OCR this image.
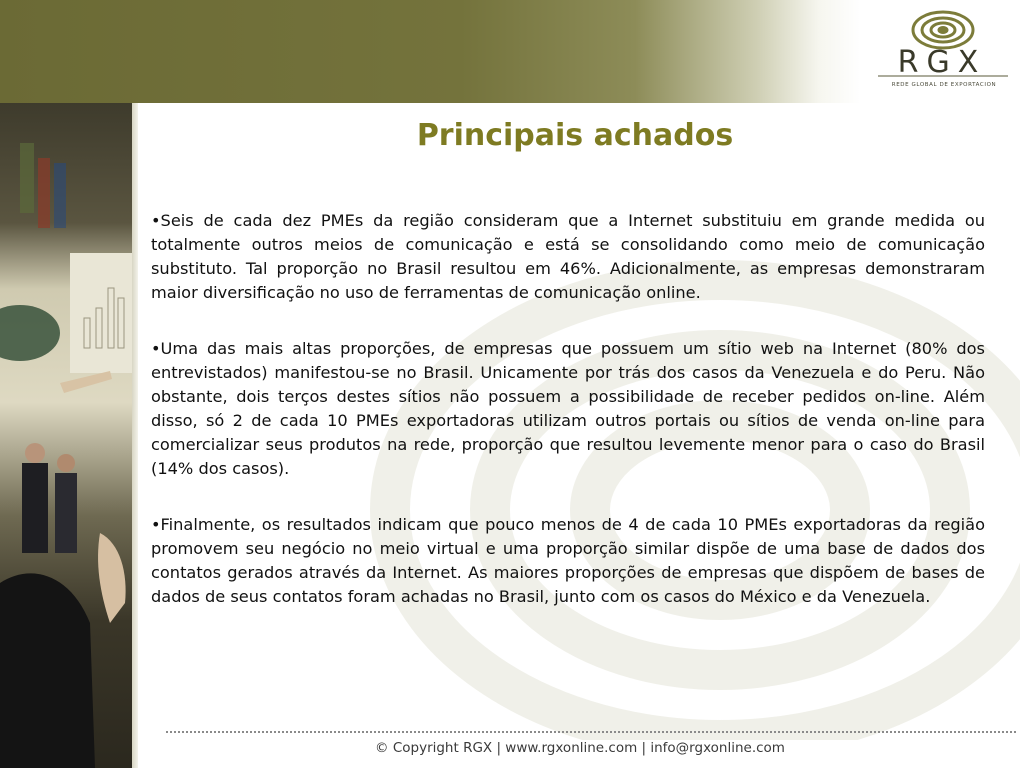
RGX
REDE GLOBAL DE EXPORTACION
Principais achados

•Seis de cada dez PMEs da região consideram que a Internet substituiu em grande medida ou totalmente outros meios de comunicação e está se consolidando como meio de comunicação substituto. Tal proporção no Brasil resultou em 46%. Adicionalmente, as empresas demonstraram maior diversificação no uso de ferramentas de comunicação online.

•Uma das mais altas proporções, de empresas que possuem um sítio web na Internet (80% dos entrevistados) manifestou-se no Brasil. Unicamente por trás dos casos da Venezuela e do Peru. Não obstante, dois terços destes sítios não possuem a possibilidade de receber pedidos on-line. Além disso, só 2 de cada 10 PMEs exportadoras utilizam outros portais ou sítios de venda on-line para comercializar seus produtos na rede, proporção que resultou levemente menor para o caso do Brasil (14% dos casos).

•Finalmente, os resultados indicam que pouco menos de 4 de cada 10 PMEs exportadoras da região promovem seu negócio no meio virtual e uma proporção similar dispõe de uma base de dados dos contatos gerados através da Internet. As maiores proporções de empresas que dispõem de bases de dados de seus contatos foram achadas no Brasil, junto com os casos do México e da Venezuela.

© Copyright RGX | www.rgxonline.com | info@rgxonline.com
